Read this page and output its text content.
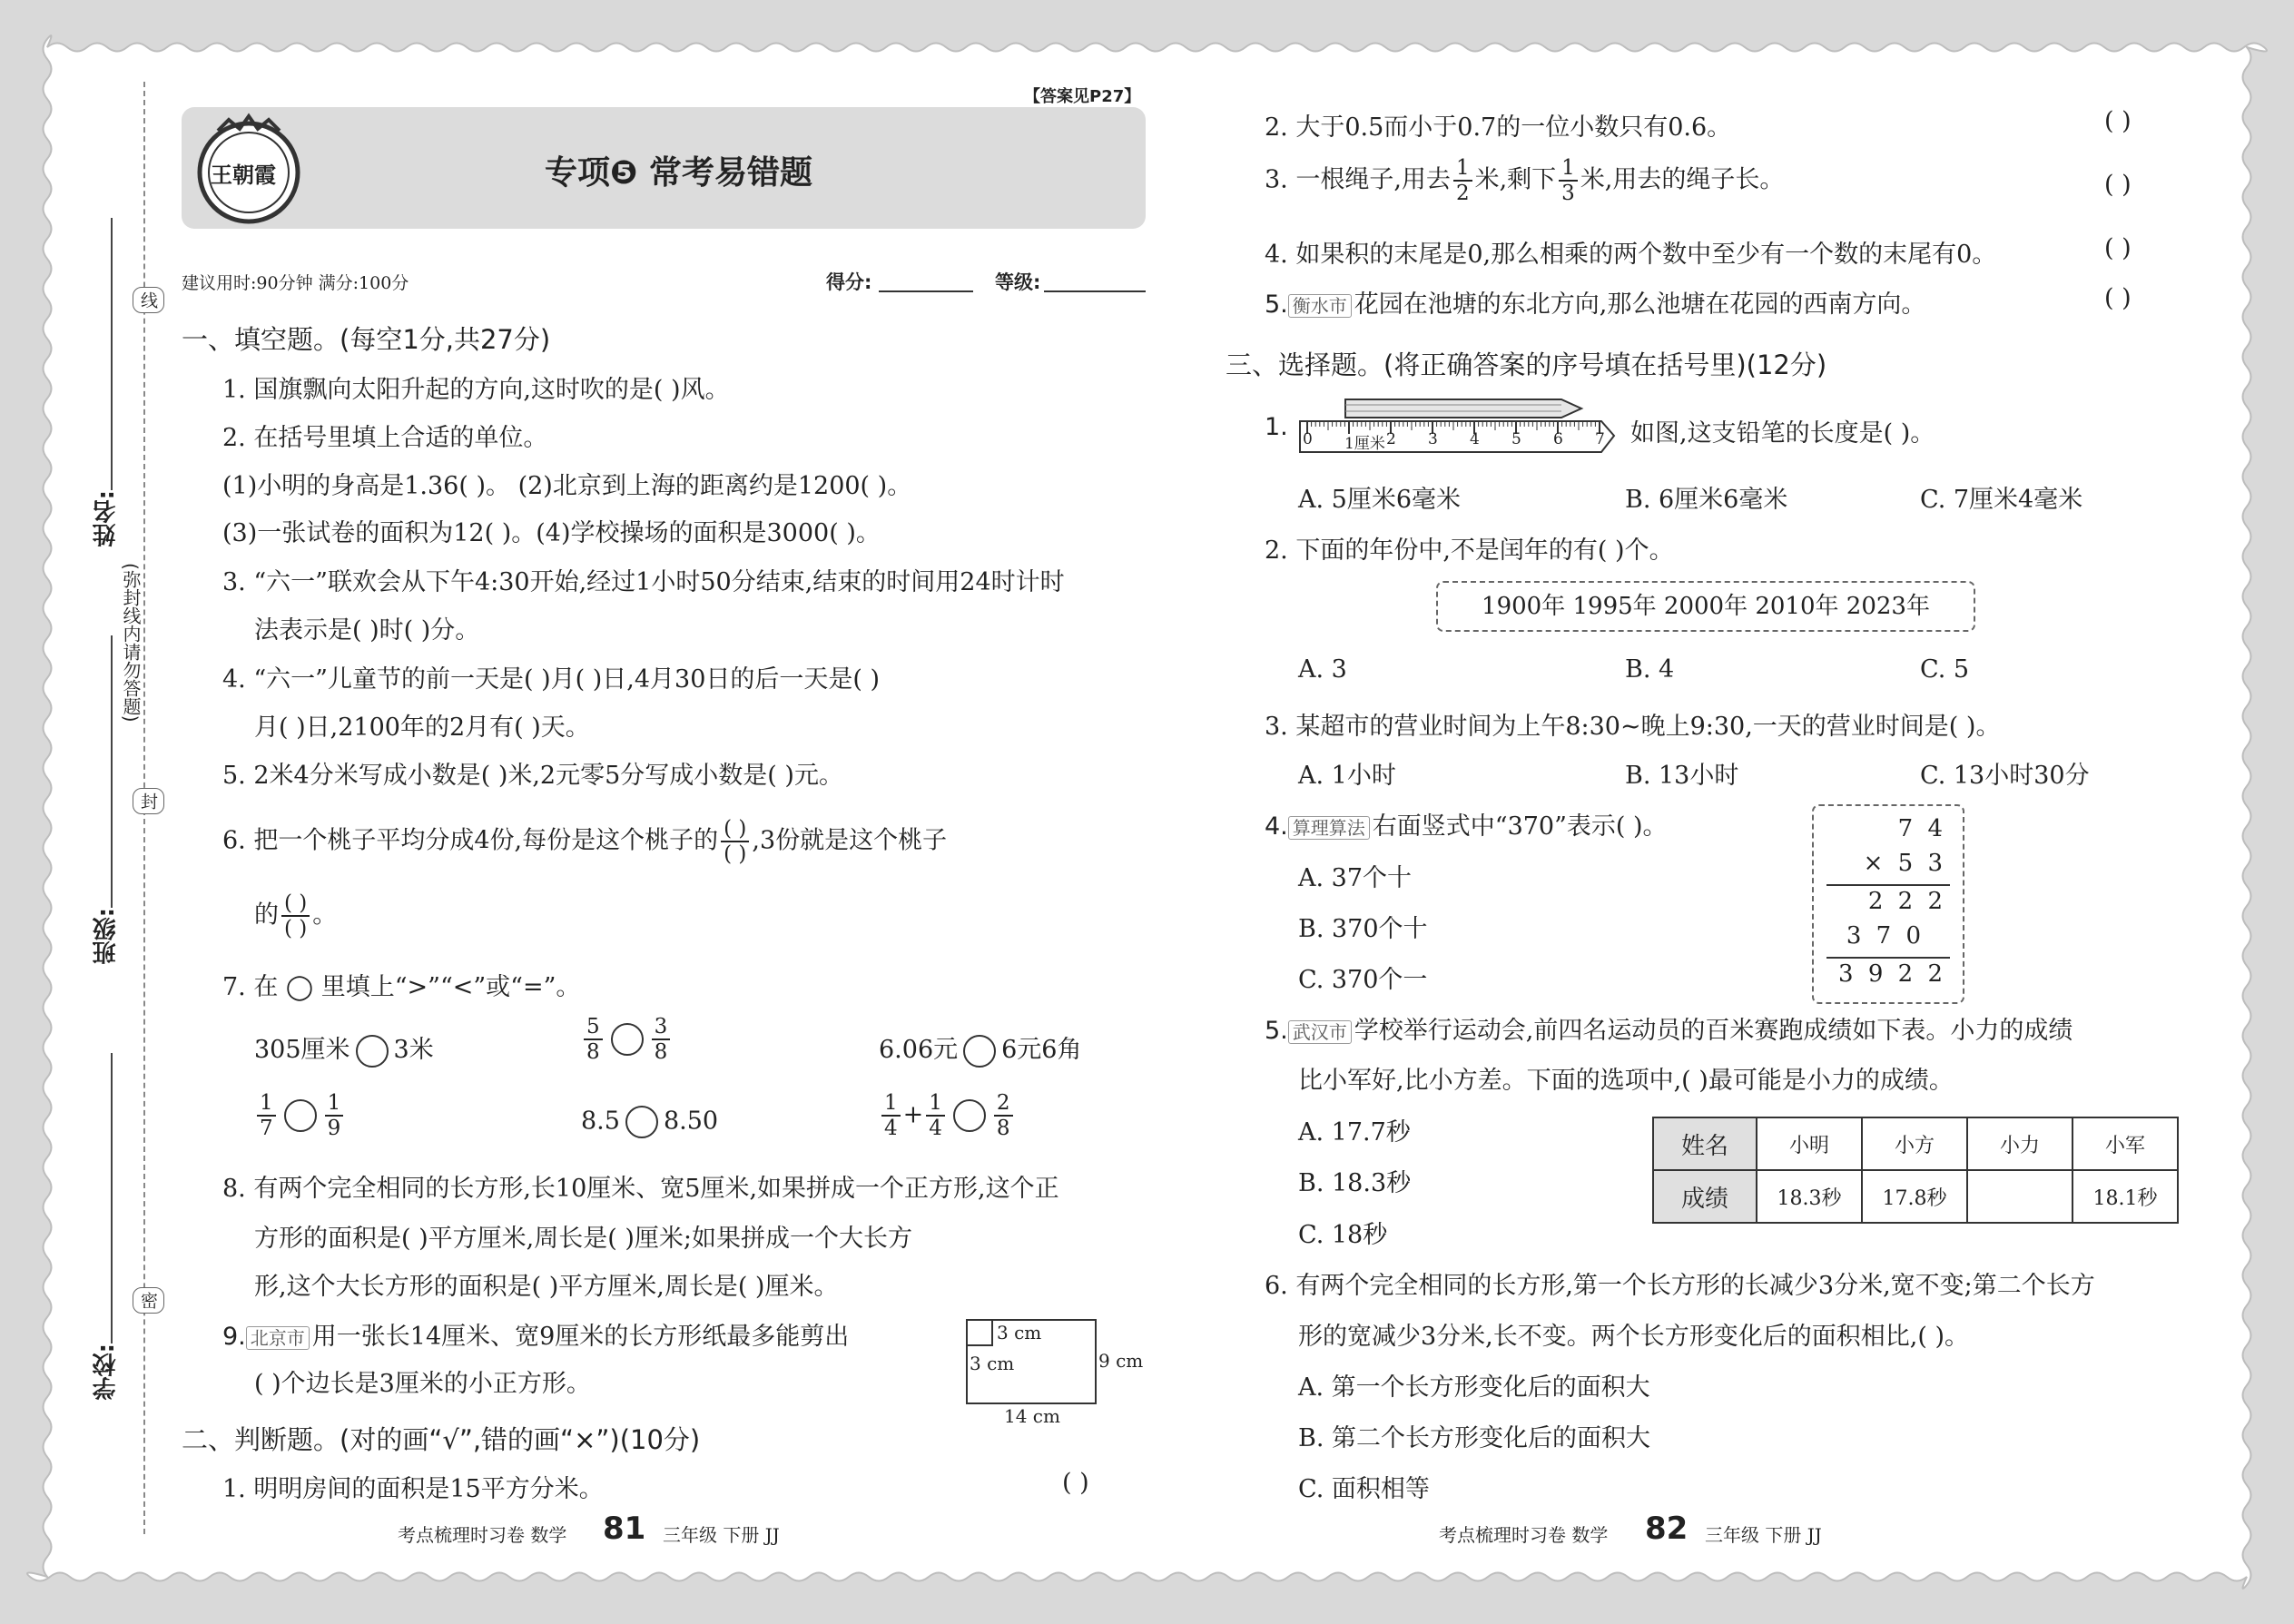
线
封
密
(弥封线内请勿答题)
姓名:
班级:
学校:
【答案见P27】
王朝霞	专项❺ 常考易错题
建议用时:90分钟 满分:100分	得分:	等级:
一、填空题。(每空1分,共27分)
1. 国旗飘向太阳升起的方向,这时吹的是( )风。
2. 在括号里填上合适的单位。
(1)小明的身高是1.36( )。 (2)北京到上海的距离约是1200( )。
(3)一张试卷的面积为12( )。(4)学校操场的面积是3000( )。
3. “六一”联欢会从下午4:30开始,经过1小时50分结束,结束的时间用24时计时
法表示是( )时( )分。
4. “六一”儿童节的前一天是( )月( )日,4月30日的后一天是( )
月( )日,2100年的2月有( )天。
5. 2米4分米写成小数是( )米,2元零5分写成小数是( )元。
6. 把一个桃子平均分成4份,每份是这个桃子的 $\frac{( )}{( )} ,3$份就是这个桃子
的 $\frac{( )}{( )}$ 。
7. 在 ◯ 里填上“>”“<”或“=”。
305厘米 3米	$\frac{5}{8} \frac{3}{8}$	6.06元 6元6角
$\frac{1}{7} \frac{1}{9}$	8.5 8.50	$\frac{1}{4} + \frac{1}{4} \frac{2}{8}$
8. 有两个完全相同的长方形,长10厘米、宽5厘米,如果拼成一个正方形,这个正
方形的面积是( )平方厘米,周长是( )厘米;如果拼成一个大长方
形,这个大长方形的面积是( )平方厘米,周长是( )厘米。
9. 北京市 用一张长14厘米、宽9厘米的长方形纸最多能剪出
( )个边长是3厘米的小正方形。
3 cm
3 cm	9 cm
14 cm
二、判断题。(对的画“√”,错的画“×”)(10分)
1. 明明房间的面积是15平方分米。	( )
考点梳理时习卷 数学 81 三年级 下册 JJ
2. 大于0.5而小于0.7的一位小数只有0.6。	( )
3. 一根绳子,用去 $\frac{1}{2}$ 米,剩下 $\frac{1}{3}$ 米,用去的绳子长。	( )
4. 如果积的末尾是0,那么相乘的两个数中至少有一个数的末尾有0。	( )
5. 衡水市 花园在池塘的东北方向,那么池塘在花园的西南方向。	( )
三、选择题。(将正确答案的序号填在括号里)(12分)
1. 0 1厘米 2 3 4 5 6 7 如图,这支铅笔的长度是( )。
A. 5厘米6毫米	B. 6厘米6毫米	C. 7厘米4毫米
2. 下面的年份中,不是闰年的有( )个。
1900年 1995年 2000年 2010年 2023年
A. 3	B. 4	C. 5
3. 某超市的营业时间为上午8:30~晚上9:30,一天的营业时间是( )。
A. 1小时	B. 13小时	C. 13小时30分
4. 算理算法 右面竖式中“370”表示( )。
A. 37个十
B. 370个十
C. 370个一
7 4
× 5 3
2 2 2
3 7 0
3 9 2 2
5. 武汉市 学校举行运动会,前四名运动员的百米赛跑成绩如下表。小力的成绩
比小军好,比小方差。下面的选项中,( )最可能是小力的成绩。
A. 17.7秒
B. 18.3秒
C. 18秒
姓名	小明	小方	小力	小军
成绩	18.3秒	17.8秒		18.1秒
6. 有两个完全相同的长方形,第一个长方形的长减少3分米,宽不变;第二个长方
形的宽减少3分米,长不变。两个长方形变化后的面积相比,( )。
A. 第一个长方形变化后的面积大
B. 第二个长方形变化后的面积大
C. 面积相等
考点梳理时习卷 数学 82 三年级 下册 JJ
